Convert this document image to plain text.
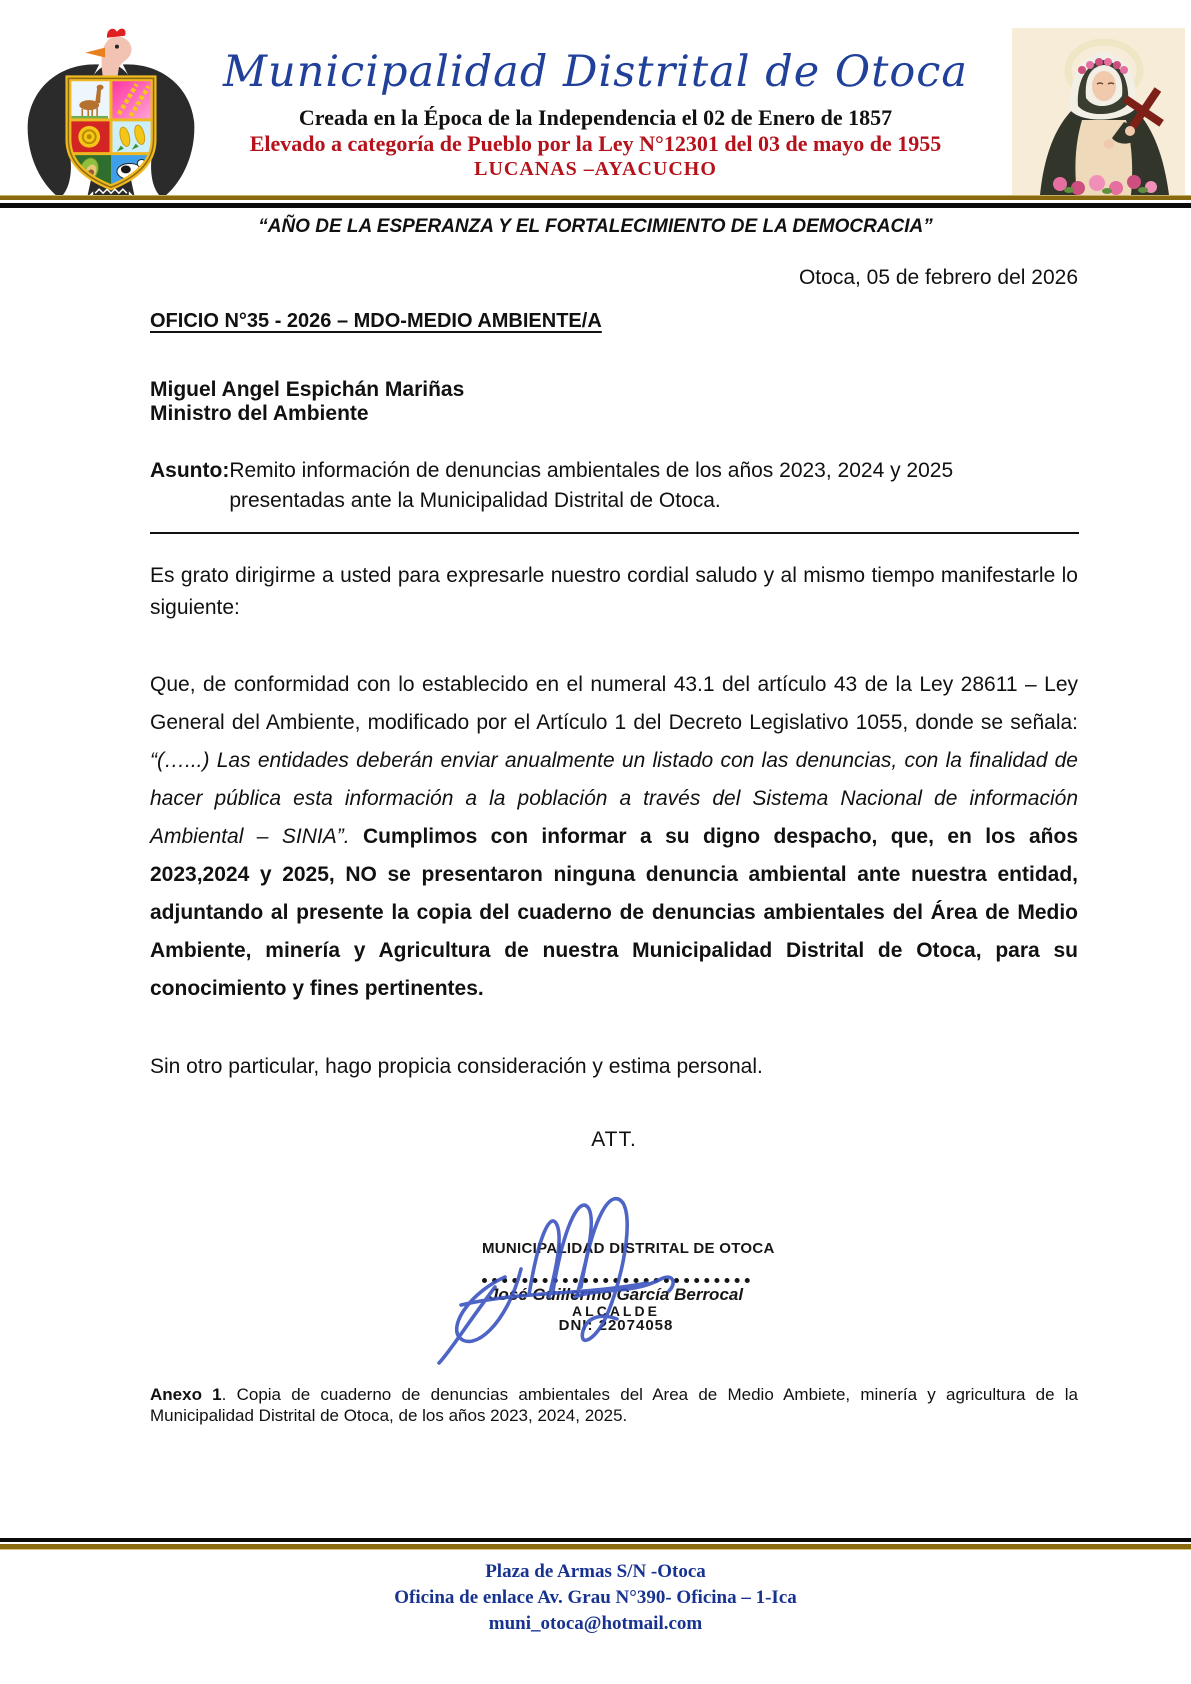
Municipalidad Distrital de Otoca
Creada en la Época de la Independencia el 02 de Enero de 1857
Elevado a categoría de Pueblo por la Ley N°12301 del 03 de mayo de 1955
LUCANAS –AYACUCHO
“AÑO DE LA ESPERANZA Y EL FORTALECIMIENTO DE LA DEMOCRACIA”
Otoca, 05 de febrero del 2026
OFICIO N°35 - 2026 – MDO-MEDIO AMBIENTE/A
Miguel Angel Espichán Mariñas
Ministro del Ambiente
Asunto: Remito información de denuncias ambientales de los años 2023, 2024 y 2025 presentadas ante la Municipalidad Distrital de Otoca.
Es grato dirigirme a usted para expresarle nuestro cordial saludo y al mismo tiempo manifestarle lo siguiente:
Que, de conformidad con lo establecido en el numeral 43.1 del artículo 43 de la Ley 28611 – Ley General del Ambiente, modificado por el Artículo 1 del Decreto Legislativo 1055, donde se señala: “(…...) Las entidades deberán enviar anualmente un listado con las denuncias, con la finalidad de hacer pública esta información a la población a través del Sistema Nacional de información Ambiental – SINIA”. Cumplimos con informar a su digno despacho, que, en los años 2023,2024 y 2025, NO se presentaron ninguna denuncia ambiental ante nuestra entidad, adjuntando al presente la copia del cuaderno de denuncias ambientales del Área de Medio Ambiente, minería y Agricultura de nuestra Municipalidad Distrital de Otoca, para su conocimiento y fines pertinentes.
Sin otro particular, hago propicia consideración y estima personal.
ATT.
MUNICIPALIDAD DISTRITAL DE OTOCA
José Guillermo García Berrocal
ALCALDE
DNI: 22074058
Anexo 1. Copia de cuaderno de denuncias ambientales del Area de Medio Ambiete, minería y agricultura de la Municipalidad Distrital de Otoca, de los años 2023, 2024, 2025.
Plaza de Armas S/N -Otoca
Oficina de enlace Av. Grau N°390- Oficina – 1-Ica
muni_otoca@hotmail.com
